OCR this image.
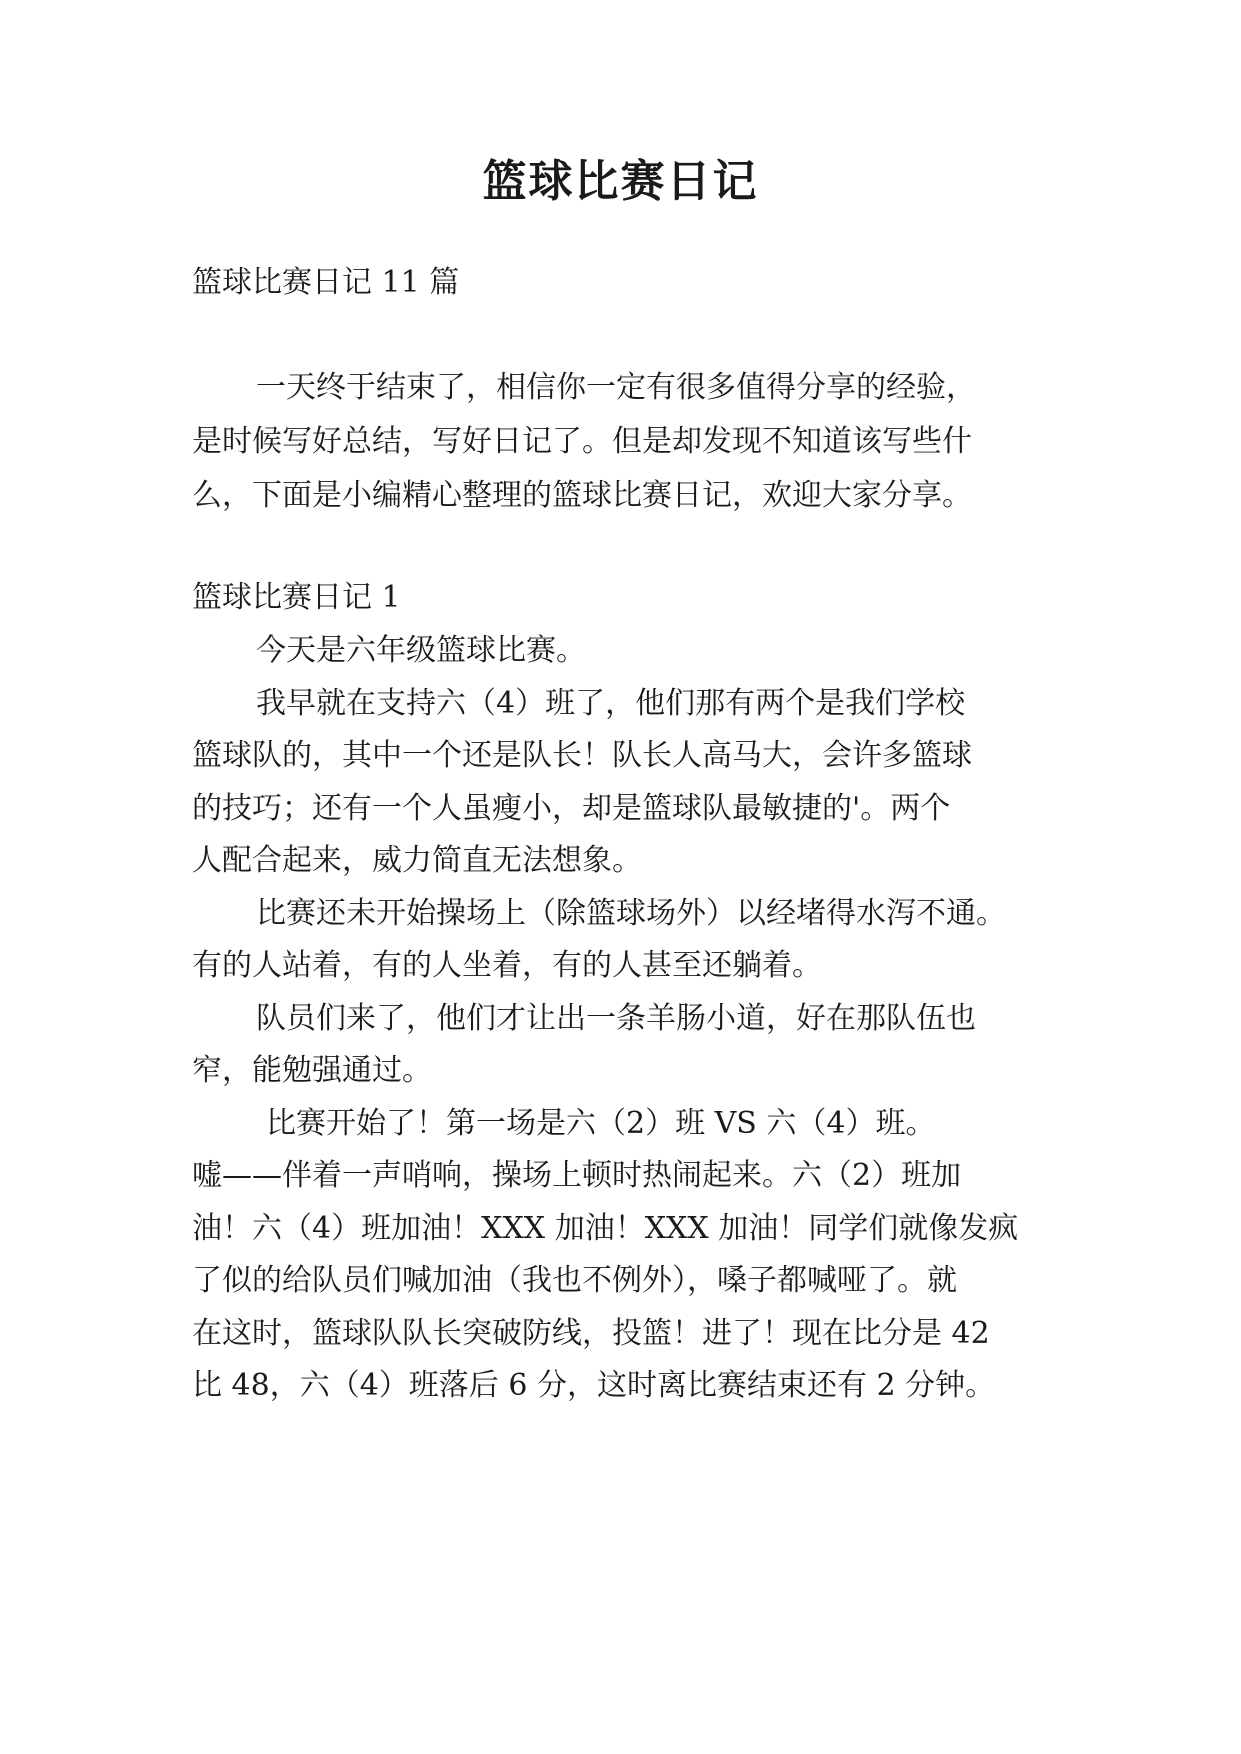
篮球比赛日记

篮球比赛日记 11 篇

一天终于结束了，相信你一定有很多值得分享的经验，

是时候写好总结，写好日记了。但是却发现不知道该写些什

么，下面是小编精心整理的篮球比赛日记，欢迎大家分享。

篮球比赛日记 1

今天是六年级篮球比赛。

我早就在支持六（4）班了，他们那有两个是我们学校

篮球队的，其中一个还是队长！队长人高马大，会许多篮球

的技巧；还有一个人虽瘦小，却是篮球队最敏捷的'。两个

人配合起来，威力简直无法想象。

比赛还未开始操场上（除篮球场外）以经堵得水泻不通。

有的人站着，有的人坐着，有的人甚至还躺着。

队员们来了，他们才让出一条羊肠小道，好在那队伍也

窄，能勉强通过。

比赛开始了！第一场是六（2）班 VS 六（4）班。

嘘——伴着一声哨响，操场上顿时热闹起来。六（2）班加

油！六（4）班加油！XXX 加油！XXX 加油！同学们就像发疯

了似的给队员们喊加油（我也不例外），嗓子都喊哑了。就

在这时，篮球队队长突破防线，投篮！进了！现在比分是 42

比 48，六（4）班落后 6 分，这时离比赛结束还有 2 分钟。
